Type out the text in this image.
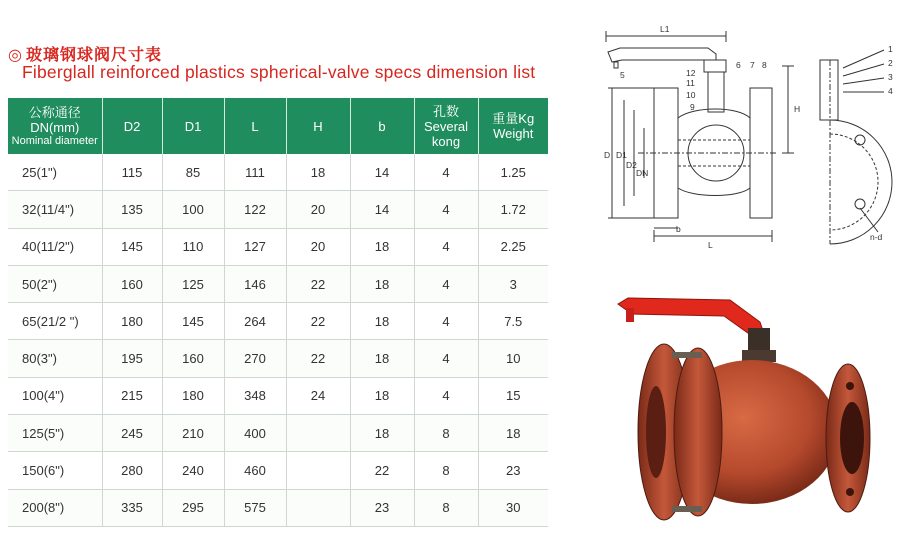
◎ 玻璃钢球阀尺寸表
Fiberglall reinforced plastics spherical-valve specs dimension list
公称通径
DN(mm)
Nominal diameter	D2	D1	L	H	b	孔数
Several
kong	重量Kg
Weight

25(1")	115	85	111	18	14	4	1.25
32(11/4")	135	100	122	20	14	4	1.72
40(11/2")	145	110	127	20	18	4	2.25
50(2")	160	125	146	22	18	4	3
65(21/2 ")	180	145	264	22	18	4	7.5
80(3")	195	160	270	22	18	4	10
100(4")	215	180	348	24	18	4	15
125(5")	245	210	400		18	8	18
150(6")	280	240	460		22	8	23
200(8")	335	295	575		23	8	30
L1
H
L
b
D D1
D2
DN
n-d
5	12
11
10
9
6 7 8
1
2
3
4
